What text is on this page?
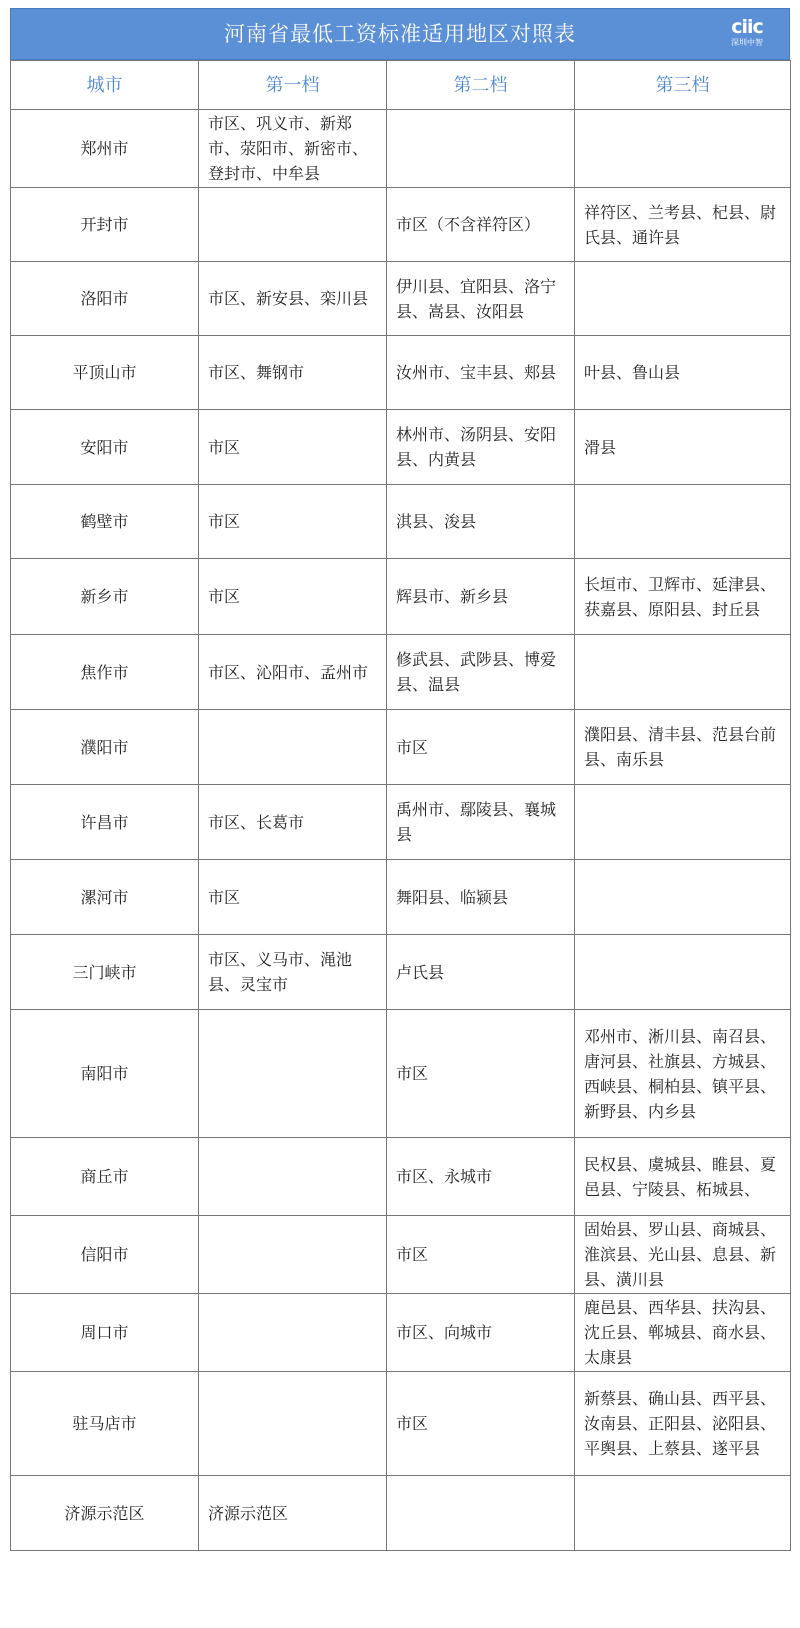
河南省最低工资标准适用地区对照表	ciic
深圳中智
城市	第一档	第二档	第三档
郑州市	市区、巩义市、新郑市、荥阳市、新密市、登封市、中牟县		
开封市		市区（不含祥符区）	祥符区、兰考县、杞县、尉氏县、通许县
洛阳市	市区、新安县、栾川县	伊川县、宜阳县、洛宁县、嵩县、汝阳县	
平顶山市	市区、舞钢市	汝州市、宝丰县、郏县	叶县、鲁山县
安阳市	市区	林州市、汤阴县、安阳县、内黄县	滑县
鹤壁市	市区	淇县、浚县	
新乡市	市区	辉县市、新乡县	长垣市、卫辉市、延津县、获嘉县、原阳县、封丘县
焦作市	市区、沁阳市、孟州市	修武县、武陟县、博爱县、温县	
濮阳市		市区	濮阳县、清丰县、范县台前县、南乐县
许昌市	市区、长葛市	禹州市、鄢陵县、襄城县	
漯河市	市区	舞阳县、临颍县	
三门峡市	市区、义马市、渑池县、灵宝市	卢氏县	
南阳市		市区	邓州市、淅川县、南召县、唐河县、社旗县、方城县、西峡县、桐柏县、镇平县、新野县、内乡县
商丘市		市区、永城市	民权县、虞城县、睢县、夏邑县、宁陵县、柘城县、
信阳市		市区	固始县、罗山县、商城县、淮滨县、光山县、息县、新县、潢川县
周口市		市区、向城市	鹿邑县、西华县、扶沟县、沈丘县、郸城县、商水县、太康县
驻马店市		市区	新蔡县、确山县、西平县、汝南县、正阳县、泌阳县、平舆县、上蔡县、遂平县
济源示范区	济源示范区		
